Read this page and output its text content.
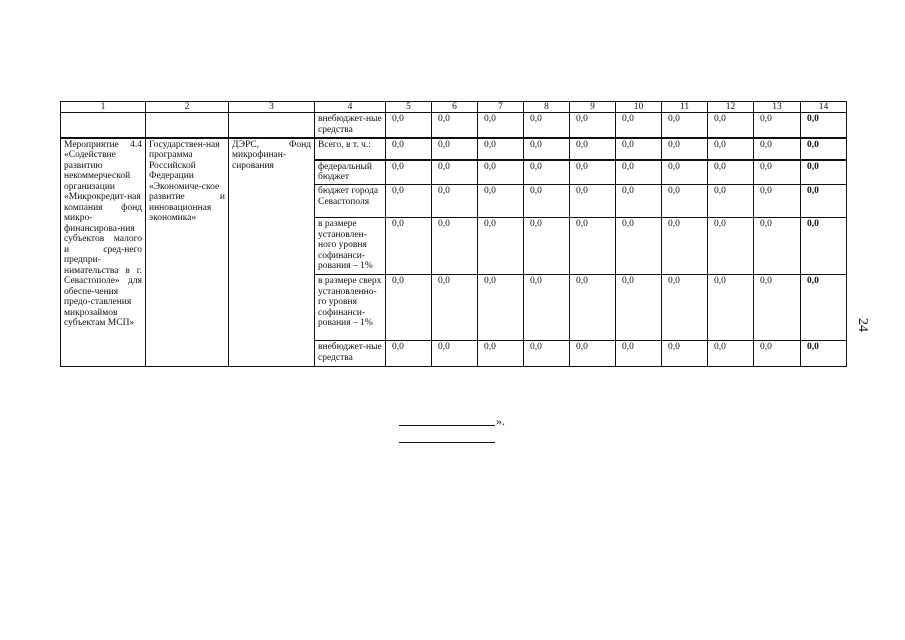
1	2	3	4	5	6	7	8	9	10	11	12	13	14
			внебюджет-ные средства	0,0	0,0	0,0	0,0	0,0	0,0	0,0	0,0	0,0	0,0
Мероприятие 4.4 «Содействие развитию некоммерческой организации «Микрокредит-ная компания фонд микро-финансирова-ния субъектов малого и сред-него предпри-нимательства в г. Севастополе» для обеспе-чения предо-ставления микрозаймов субъектам МСП»	Государствен-ная программа Российской Федерации «Экономиче-ское развитие и инновационная экономика»	ДЭРС, Фонд микрофинан-сирования	Всего, в т. ч.:	0,0	0,0	0,0	0,0	0,0	0,0	0,0	0,0	0,0	0,0
			федеральный бюджет	0,0	0,0	0,0	0,0	0,0	0,0	0,0	0,0	0,0	0,0
			бюджет города Севастополя	0,0	0,0	0,0	0,0	0,0	0,0	0,0	0,0	0,0	0,0
			в размере установлен-ного уровня софинанси-рования – 1%	0,0	0,0	0,0	0,0	0,0	0,0	0,0	0,0	0,0	0,0
			в размере сверх установленно-го уровня софинанси-рования – 1%	0,0	0,0	0,0	0,0	0,0	0,0	0,0	0,0	0,0	0,0
			внебюджет-ные средства	0,0	0,0	0,0	0,0	0,0	0,0	0,0	0,0	0,0	0,0
24
».
